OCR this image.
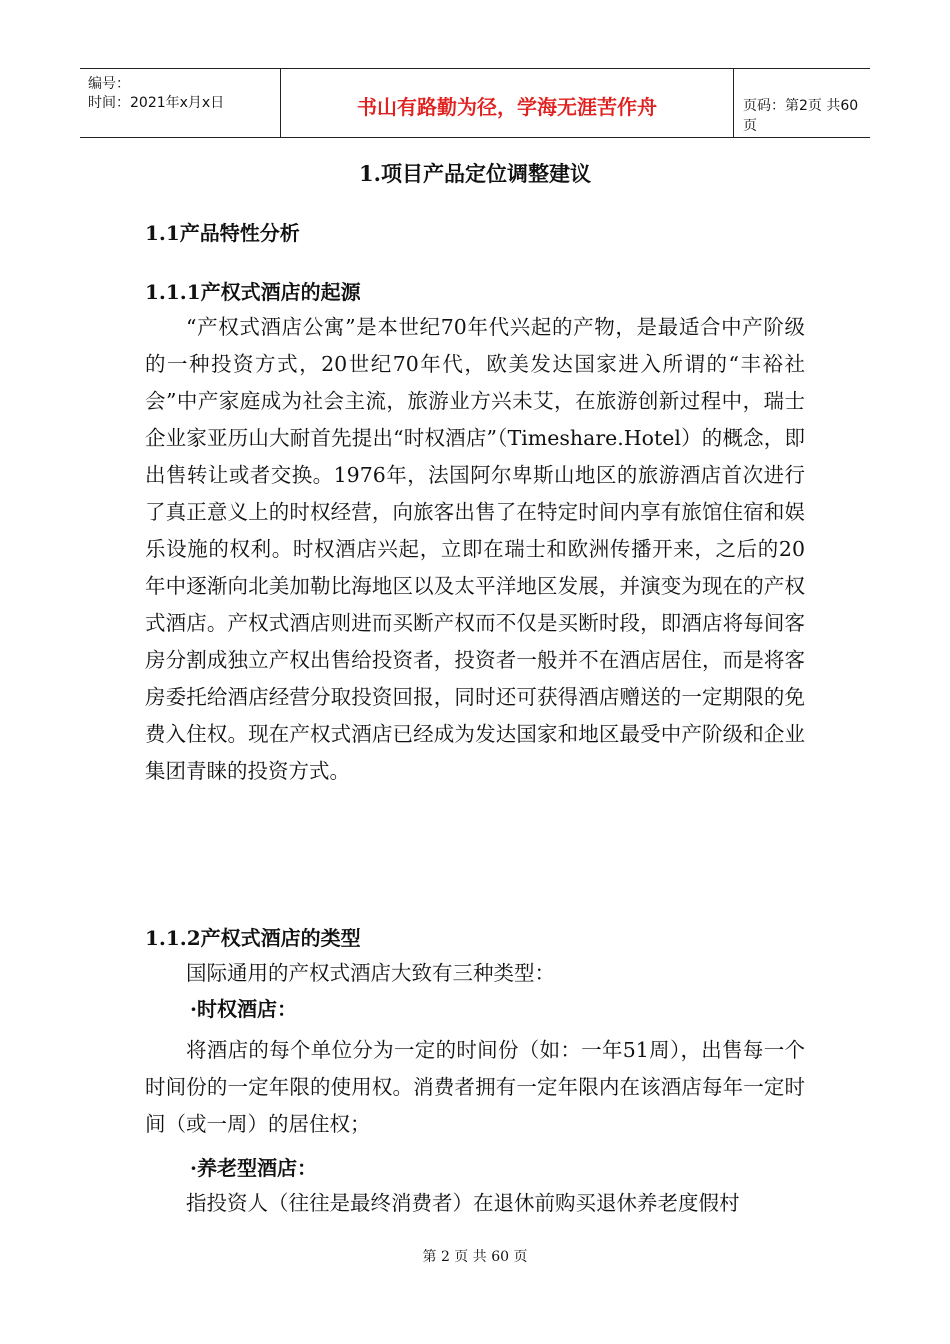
编号：
时间：2021年x月x日	书山有路勤为径，学海无涯苦作舟	页码：第2页 共60页
1.项目产品定位调整建议
1.1产品特性分析
1.1.1产权式酒店的起源
“产权式酒店公寓”是本世纪70年代兴起的产物，是最适合中产阶级的一种投资方式，20世纪70年代，欧美发达国家进入所谓的“丰裕社会”中产家庭成为社会主流，旅游业方兴未艾，在旅游创新过程中，瑞士企业家亚历山大耐首先提出“时权酒店”（Timeshare.Hotel）的概念，即出售转让或者交换。1976年，法国阿尔卑斯山地区的旅游酒店首次进行了真正意义上的时权经营，向旅客出售了在特定时间内享有旅馆住宿和娱乐设施的权利。时权酒店兴起，立即在瑞士和欧洲传播开来，之后的20年中逐渐向北美加勒比海地区以及太平洋地区发展，并演变为现在的产权式酒店。产权式酒店则进而买断产权而不仅是买断时段，即酒店将每间客房分割成独立产权出售给投资者，投资者一般并不在酒店居住，而是将客房委托给酒店经营分取投资回报，同时还可获得酒店赠送的一定期限的免费入住权。现在产权式酒店已经成为发达国家和地区最受中产阶级和企业集团青睐的投资方式。
1.1.2产权式酒店的类型
国际通用的产权式酒店大致有三种类型：
·时权酒店：
将酒店的每个单位分为一定的时间份（如：一年51周），出售每一个时间份的一定年限的使用权。消费者拥有一定年限内在该酒店每年一定时间（或一周）的居住权；
·养老型酒店：
指投资人（往往是最终消费者）在退休前购买退休养老度假村
第 2 页 共 60 页
